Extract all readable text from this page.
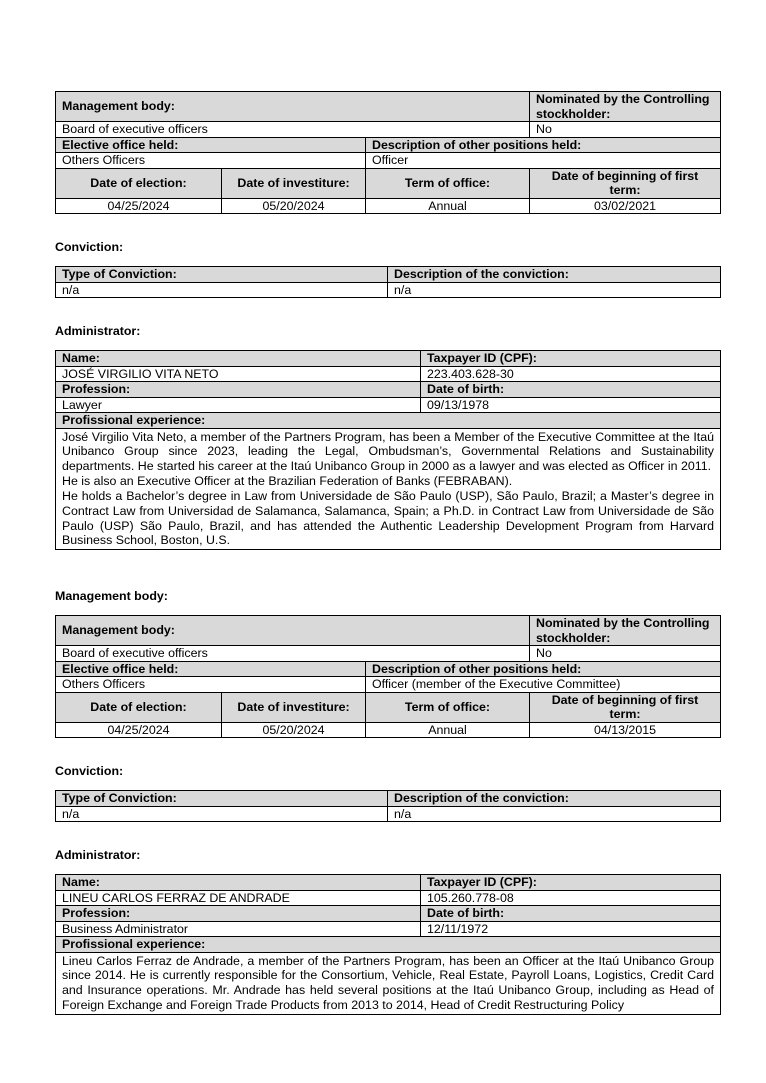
Management body:			Nominated by the Controlling stockholder:
Board of executive officers			No
Elective office held:		Description of other positions held:	
Others Officers		Officer	
Date of election:	Date of investiture:	Term of office:	Date of beginning of first term:
04/25/2024	05/20/2024	Annual	03/02/2021
Conviction:
Type of Conviction:	Description of the conviction:
n/a	n/a
Administrator:
Name:	Taxpayer ID (CPF):
JOSÉ VIRGILIO VITA NETO	223.403.628-30
Profession:	Date of birth:
Lawyer	09/13/1978
Profissional experience:	

José Virgilio Vita Neto, a member of the Partners Program, has been a Member of the Executive Committee at the Itaú Unibanco Group since 2023, leading the Legal, Ombudsman’s, Governmental Relations and Sustainability departments. He started his career at the Itaú Unibanco Group in 2000 as a lawyer and was elected as Officer in 2011.
He is also an Executive Officer at the Brazilian Federation of Banks (FEBRABAN).
He holds a Bachelor’s degree in Law from Universidade de São Paulo (USP), São Paulo, Brazil; a Master’s degree in Contract Law from Universidad de Salamanca, Salamanca, Spain; a Ph.D. in Contract Law from Universidade de São Paulo (USP) São Paulo, Brazil, and has attended the Authentic Leadership Development Program from Harvard Business School, Boston, U.S.	
Management body:
Management body:			Nominated by the Controlling stockholder:
Board of executive officers			No
Elective office held:		Description of other positions held:	
Others Officers		Officer (member of the Executive Committee)	
Date of election:	Date of investiture:	Term of office:	Date of beginning of first term:
04/25/2024	05/20/2024	Annual	04/13/2015
Conviction:
Type of Conviction:	Description of the conviction:
n/a	n/a
Administrator:
Name:	Taxpayer ID (CPF):
LINEU CARLOS FERRAZ DE ANDRADE	105.260.778-08
Profession:	Date of birth:
Business Administrator	12/11/1972
Profissional experience:	

Lineu Carlos Ferraz de Andrade, a member of the Partners Program, has been an Officer at the Itaú Unibanco Group since 2014. He is currently responsible for the Consortium, Vehicle, Real Estate, Payroll Loans, Logistics, Credit Card and Insurance operations. Mr. Andrade has held several positions at the Itaú Unibanco Group, including as Head of Foreign Exchange and Foreign Trade Products from 2013 to 2014, Head of Credit Restructuring Policy	
